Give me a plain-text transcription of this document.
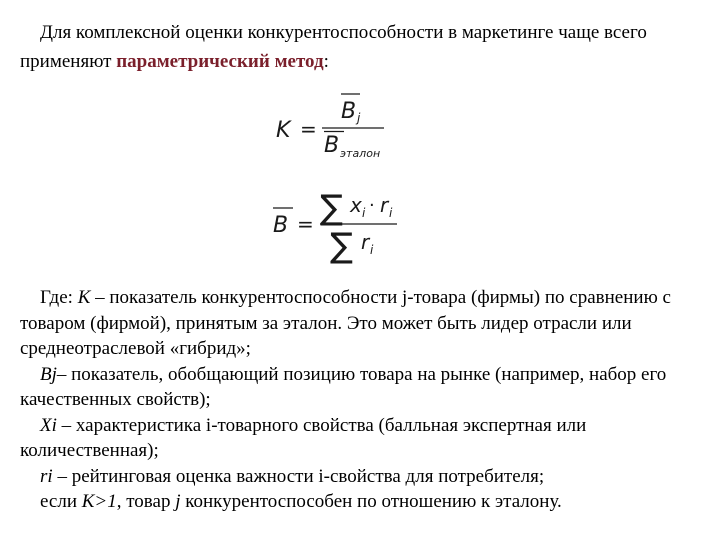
Для комплексной оценки конкурентоспособности в маркетинге чаще всего применяют параметрический метод:

K =
B j
B эталон
B = ∑ x i · r i
∑ r i

Где: K – показатель конкурентоспособности j-товара (фирмы) по сравнению с товаром (фирмой), принятым за эталон. Это может быть лидер отрасли или среднеотраслевой «гибрид»;

Bj– показатель, обобщающий позицию товара на рынке (например, набор его качественных свойств);

Xi – характеристика i-товарного свойства (балльная экспертная или количественная);

ri – рейтинговая оценка важности i-свойства для потребителя;

если K>1, товар j конкурентоспособен по отношению к эталону.
